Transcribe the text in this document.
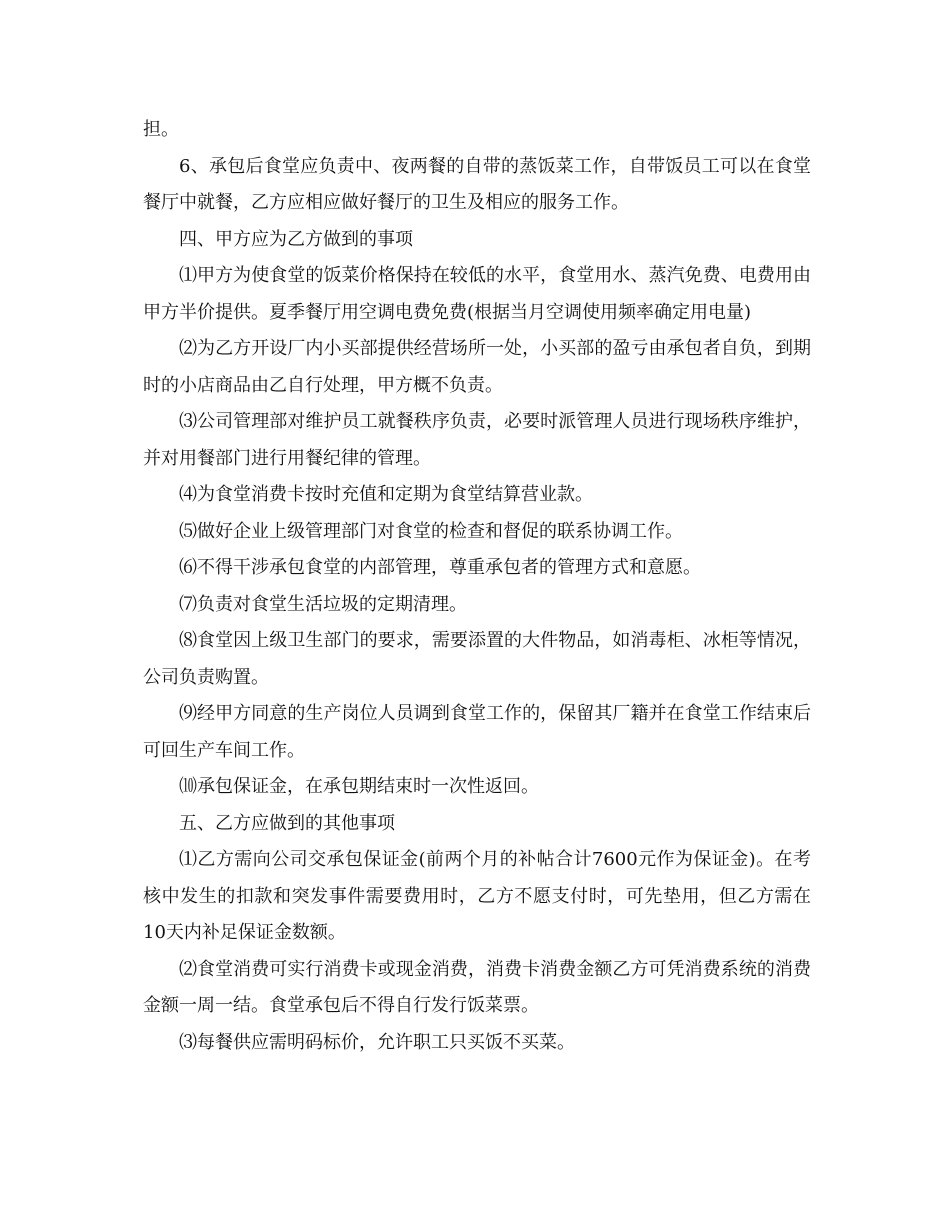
担。

6、承包后食堂应负责中、夜两餐的自带的蒸饭菜工作，自带饭员工可以在食堂餐厅中就餐，乙方应相应做好餐厅的卫生及相应的服务工作。

四、甲方应为乙方做到的事项

⑴甲方为使食堂的饭菜价格保持在较低的水平，食堂用水、蒸汽免费、电费用由甲方半价提供。夏季餐厅用空调电费免费(根据当月空调使用频率确定用电量)

⑵为乙方开设厂内小买部提供经营场所一处，小买部的盈亏由承包者自负，到期时的小店商品由乙自行处理，甲方概不负责。

⑶公司管理部对维护员工就餐秩序负责，必要时派管理人员进行现场秩序维护，并对用餐部门进行用餐纪律的管理。

⑷为食堂消费卡按时充值和定期为食堂结算营业款。

⑸做好企业上级管理部门对食堂的检查和督促的联系协调工作。

⑹不得干涉承包食堂的内部管理，尊重承包者的管理方式和意愿。

⑺负责对食堂生活垃圾的定期清理。

⑻食堂因上级卫生部门的要求，需要添置的大件物品，如消毒柜、冰柜等情况，公司负责购置。

⑼经甲方同意的生产岗位人员调到食堂工作的，保留其厂籍并在食堂工作结束后可回生产车间工作。

⑽承包保证金，在承包期结束时一次性返回。

五、乙方应做到的其他事项

⑴乙方需向公司交承包保证金(前两个月的补帖合计7600元作为保证金)。在考核中发生的扣款和突发事件需要费用时，乙方不愿支付时，可先垫用，但乙方需在10天内补足保证金数额。

⑵食堂消费可实行消费卡或现金消费，消费卡消费金额乙方可凭消费系统的消费金额一周一结。食堂承包后不得自行发行饭菜票。

⑶每餐供应需明码标价，允许职工只买饭不买菜。
